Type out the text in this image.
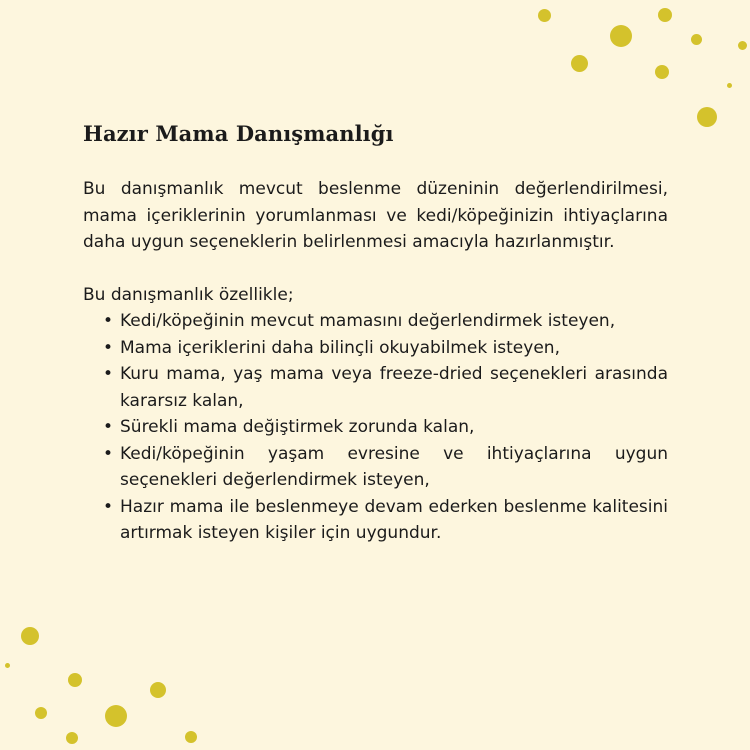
Hazır Mama Danışmanlığı

Bu danışmanlık mevcut beslenme düzeninin değerlendirilmesi, mama içeriklerinin yorumlanması ve kedi/köpeğinizin ihtiyaçlarına daha uygun seçeneklerin belirlenmesi amacıyla hazırlanmıştır.

Bu danışmanlık özellikle;

• Kedi/köpeğinin mevcut mamasını değerlendirmek isteyen,
• Mama içeriklerini daha bilinçli okuyabilmek isteyen,
• Kuru mama, yaş mama veya freeze-dried seçenekleri arasında kararsız kalan,
• Sürekli mama değiştirmek zorunda kalan,
• Kedi/köpeğinin yaşam evresine ve ihtiyaçlarına uygun seçenekleri değerlendirmek isteyen,
• Hazır mama ile beslenmeye devam ederken beslenme kalitesini artırmak isteyen kişiler için uygundur.
